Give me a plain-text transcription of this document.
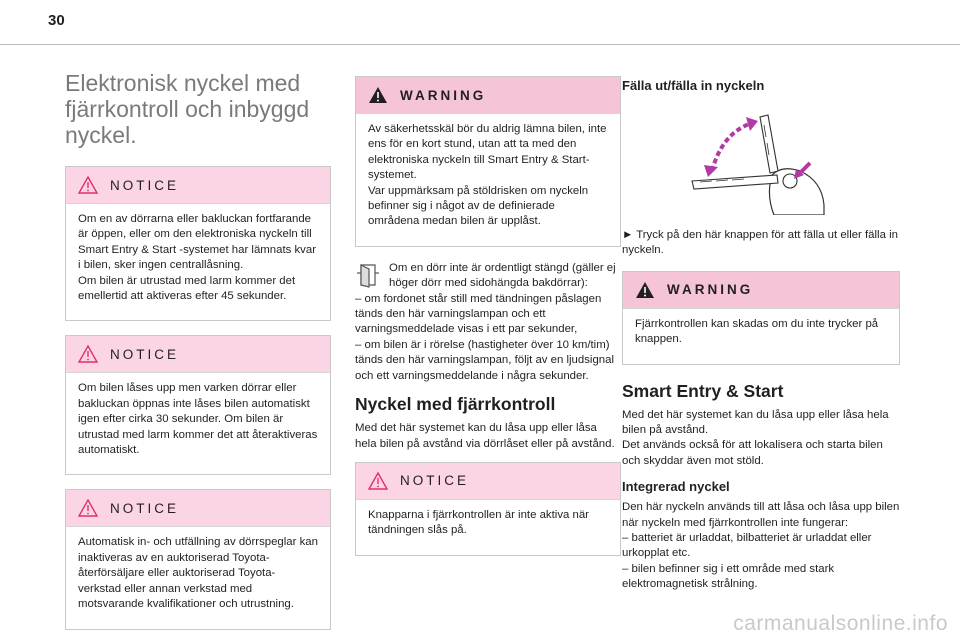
30
Elektronisk nyckel med fjärrkontroll och inbyggd nyckel.
NOTICE
Om en av dörrarna eller bakluckan fortfarande är öppen, eller om den elektroniska nyckeln till Smart Entry & Start -systemet har lämnats kvar i bilen, sker ingen centrallåsning.
Om bilen är utrustad med larm kommer det emellertid att aktiveras efter 45 sekunder.
NOTICE
Om bilen låses upp men varken dörrar eller bakluckan öppnas inte låses bilen automatiskt igen efter cirka 30 sekunder. Om bilen är utrustad med larm kommer det att återaktiveras automatiskt.
NOTICE
Automatisk in- och utfällning av dörrspeglar kan inaktiveras av en auktoriserad Toyota-återförsäljare eller auktoriserad Toyota-verkstad eller annan verkstad med motsvarande kvalifikationer och utrustning.
WARNING
Av säkerhetsskäl bör du aldrig lämna bilen, inte ens för en kort stund, utan att ta med den elektroniska nyckeln till Smart Entry & Start-systemet.
Var uppmärksam på stöldrisken om nyckeln befinner sig i något av de definierade områdena medan bilen är upplåst.
Om en dörr inte är ordentligt stängd (gäller ej höger dörr med sidohängda bakdörrar):
– om fordonet står still med tändningen påslagen tänds den här varningslampan och ett varningsmeddelade visas i ett par sekunder,
– om bilen är i rörelse (hastigheter över 10 km/tim) tänds den här varningslampan, följt av en ljudsignal och ett varningsmeddelande i några sekunder.
Nyckel med fjärrkontroll
Med det här systemet kan du låsa upp eller låsa hela bilen på avstånd via dörrlåset eller på avstånd.
NOTICE
Knapparna i fjärrkontrollen är inte aktiva när tändningen slås på.
Fälla ut/fälla in nyckeln
► Tryck på den här knappen för att fälla ut eller fälla in nyckeln.
WARNING
Fjärrkontrollen kan skadas om du inte trycker på knappen.
Smart Entry & Start
Med det här systemet kan du låsa upp eller låsa hela bilen på avstånd.
Det används också för att lokalisera och starta bilen och skyddar även mot stöld.
Integrerad nyckel
Den här nyckeln används till att låsa och låsa upp bilen när nyckeln med fjärrkontrollen inte fungerar:
– batteriet är urladdat, bilbatteriet är urladdat eller urkopplat etc.
– bilen befinner sig i ett område med stark elektromagnetisk strålning.
carmanualsonline.info
